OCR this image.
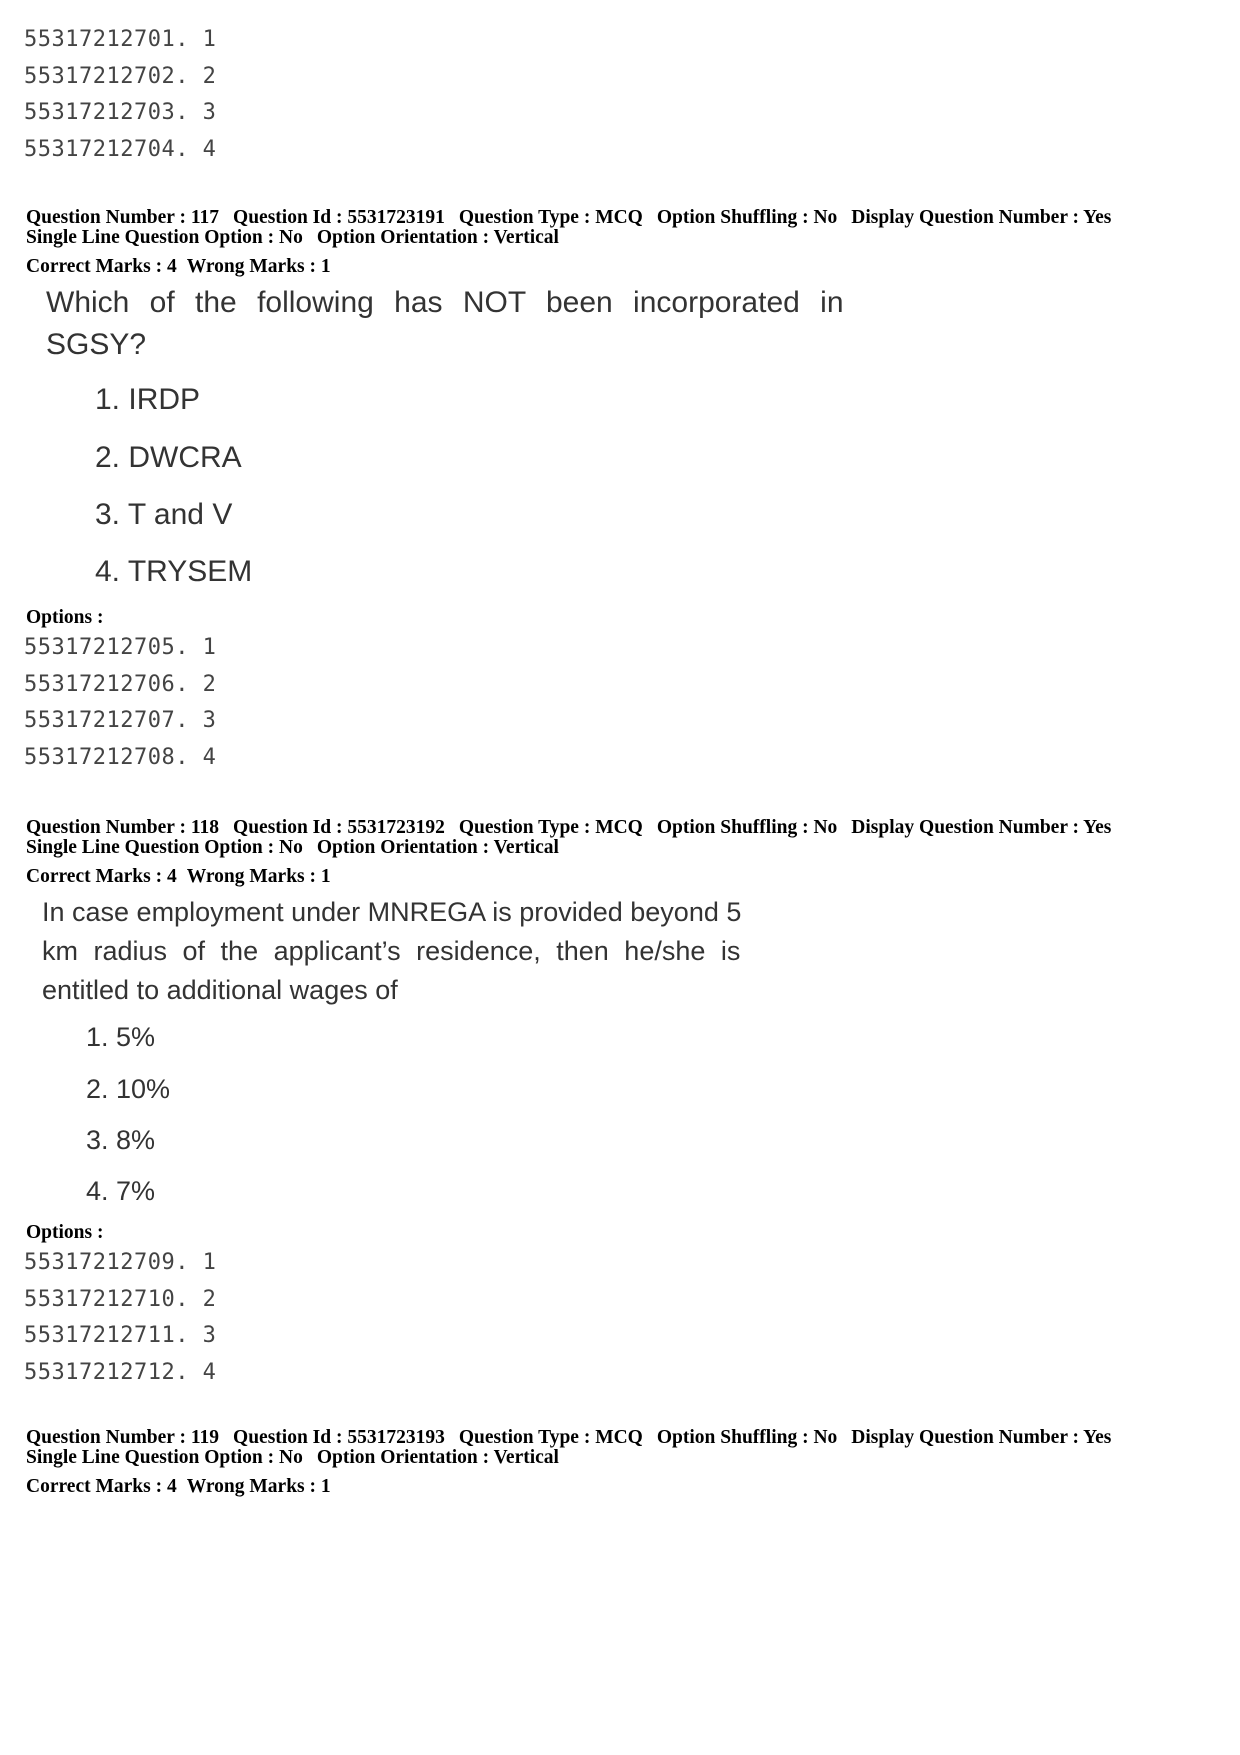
55317212701. 1
55317212702. 2
55317212703. 3
55317212704. 4
Question Number : 117 Question Id : 5531723191 Question Type : MCQ Option Shuffling : No Display Question Number : Yes
Single Line Question Option : No Option Orientation : Vertical
Correct Marks : 4 Wrong Marks : 1
Which of the following has NOT been incorporated in
SGSY?
1. IRDP
2. DWCRA
3. T and V
4. TRYSEM
Options :
55317212705. 1
55317212706. 2
55317212707. 3
55317212708. 4
Question Number : 118 Question Id : 5531723192 Question Type : MCQ Option Shuffling : No Display Question Number : Yes
Single Line Question Option : No Option Orientation : Vertical
Correct Marks : 4 Wrong Marks : 1
In case employment under MNREGA is provided beyond 5
km radius of the applicant’s residence, then he/she is
entitled to additional wages of
1. 5%
2. 10%
3. 8%
4. 7%
Options :
55317212709. 1
55317212710. 2
55317212711. 3
55317212712. 4
Question Number : 119 Question Id : 5531723193 Question Type : MCQ Option Shuffling : No Display Question Number : Yes
Single Line Question Option : No Option Orientation : Vertical
Correct Marks : 4 Wrong Marks : 1
